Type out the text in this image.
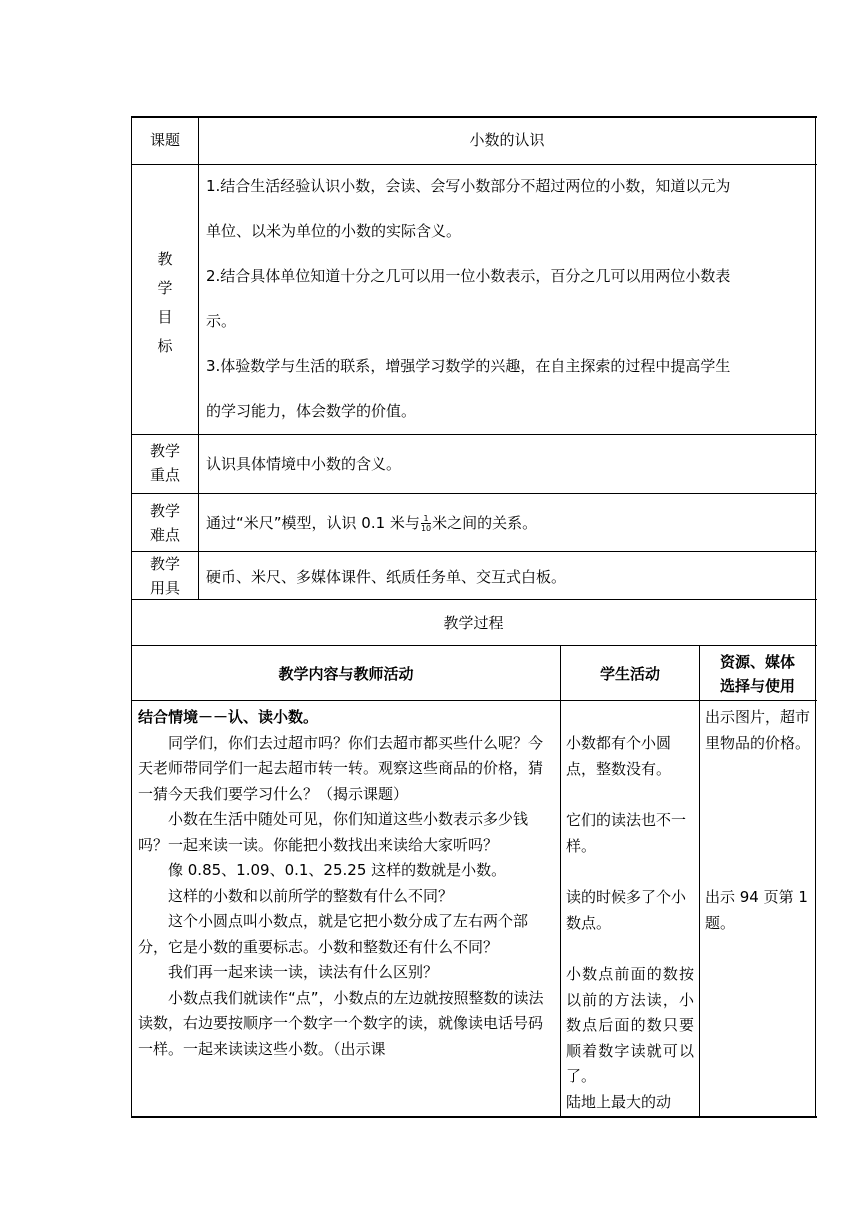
课题	小数的认识
教
学
目
标
1.结合生活经验认识小数，会读、会写小数部分不超过两位的小数，知道以元为
单位、以米为单位的小数的实际含义。
2.结合具体单位知道十分之几可以用一位小数表示，百分之几可以用两位小数表
示。
3.体验数学与生活的联系，增强学习数学的兴趣，在自主探索的过程中提高学生
的学习能力，体会数学的价值。
教学
重点
认识具体情境中小数的含义。
教学
难点
通过“米尺”模型，认识 0.1 米与 $\frac{1}{10}$ 米之间的关系。
教学
用具
硬币、米尺、多媒体课件、纸质任务单、交互式白板。
教学过程
教学内容与教师活动	学生活动
资源、媒体
选择与使用

结合情境－－认、读小数。

同学们，你们去过超市吗？你们去超市都买些什么呢？今天老师带同学们一起去超市转一转。观察这些商品的价格，猜一猜今天我们要学习什么？（揭示课题）

小数在生活中随处可见，你们知道这些小数表示多少钱吗？一起来读一读。你能把小数找出来读给大家听吗？

像 0.85、1.09、0.1、25.25 这样的数就是小数。

这样的小数和以前所学的整数有什么不同？

这个小圆点叫小数点，就是它把小数分成了左右两个部分，它是小数的重要标志。小数和整数还有什么不同？

我们再一起来读一读，读法有什么区别？

小数点我们就读作“点”，小数点的左边就按照整数的读法读数，右边要按顺序一个数字一个数字的读，就像读电话号码一样。一起来读读这些小数。（出示课

小数都有个小圆点，整数没有。
它们的读法也不一样。
读的时候多了个小数点。
小数点前面的数按以前的方法读，小数点后面的数只要顺着数字读就可以了。
陆地上最大的动
出示图片，超市里物品的价格。
出示 94 页第 1 题。
